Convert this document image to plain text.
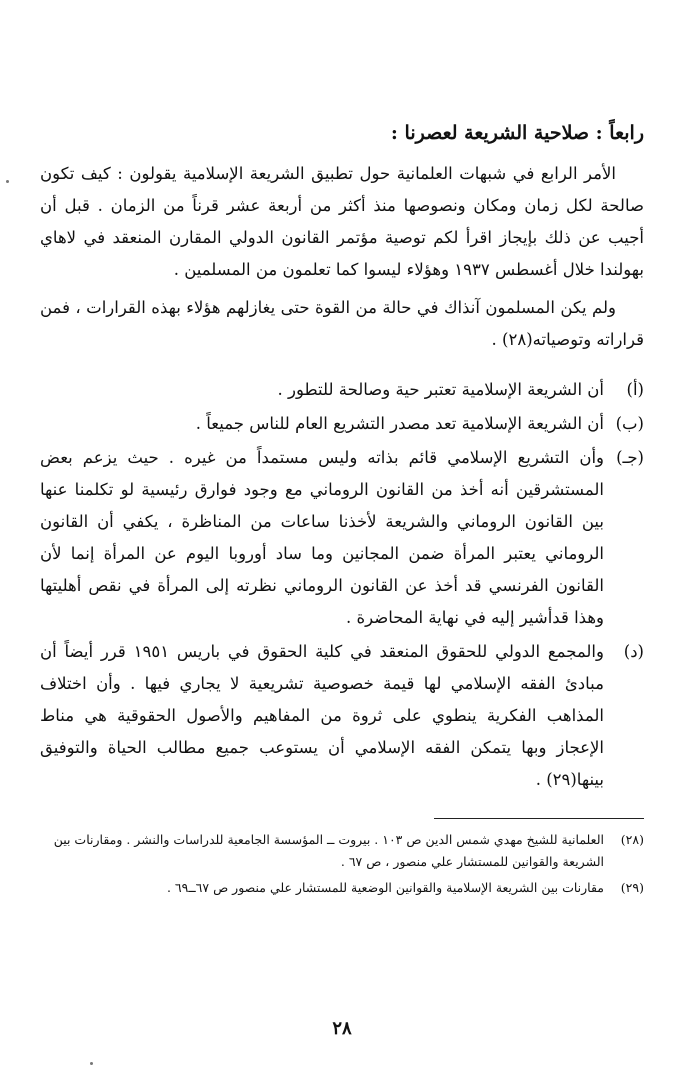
رابعاً : صلاحية الشريعة لعصرنا :

الأمر الرابع في شبهات العلمانية حول تطبيق الشريعة الإسلامية يقولون : كيف تكون صالحة لكل زمان ومكان ونصوصها منذ أكثر من أربعة عشر قرناً من الزمان . قبل أن أجيب عن ذلك بإيجاز اقرأ لكم توصية مؤتمر القانون الدولي المقارن المنعقد في لاهاي بهولندا خلال أغسطس ١٩٣٧ وهؤلاء ليسوا كما تعلمون من المسلمين .

ولم يكن المسلمون آنذاك في حالة من القوة حتى يغازلهم هؤلاء بهذه القرارات ، فمن قراراته وتوصياته(٢٨) .

(أ)
أن الشريعة الإسلامية تعتبر حية وصالحة للتطور .
(ب)
أن الشريعة الإسلامية تعد مصدر التشريع العام للناس جميعاً .
(جـ)
وأن التشريع الإسلامي قائم بذاته وليس مستمداً من غيره . حيث يزعم بعض المستشرقين أنه أخذ من القانون الروماني مع وجود فوارق رئيسية لو تكلمنا عنها بين القانون الروماني والشريعة لأخذنا ساعات من المناظرة ، يكفي أن القانون الروماني يعتبر المرأة ضمن المجانين وما ساد أوروبا اليوم عن المرأة إنما لأن القانون الفرنسي قد أخذ عن القانون الروماني نظرته إلى المرأة في نقص أهليتها وهذا قدأشير إليه في نهاية المحاضرة .
(د)
والمجمع الدولي للحقوق المنعقد في كلية الحقوق في باريس ١٩٥١ قرر أيضاً أن مبادئ الفقه الإسلامي لها قيمة خصوصية تشريعية لا يجاري فيها . وأن اختلاف المذاهب الفكرية ينطوي على ثروة من المفاهيم والأصول الحقوقية هي مناط الإعجاز وبها يتمكن الفقه الإسلامي أن يستوعب جميع مطالب الحياة والتوفيق بينها(٢٩) .
(٢٨)
العلمانية للشيخ مهدي شمس الدين ص ١٠٣ . بيروت ــ المؤسسة الجامعية للدراسات والنشر . ومقارنات بين الشريعة والقوانين للمستشار علي منصور ، ص ٦٧ .
(٢٩)
مقارنات بين الشريعة الإسلامية والقوانين الوضعية للمستشار علي منصور ص ٦٧ــ٦٩ .
٢٨
